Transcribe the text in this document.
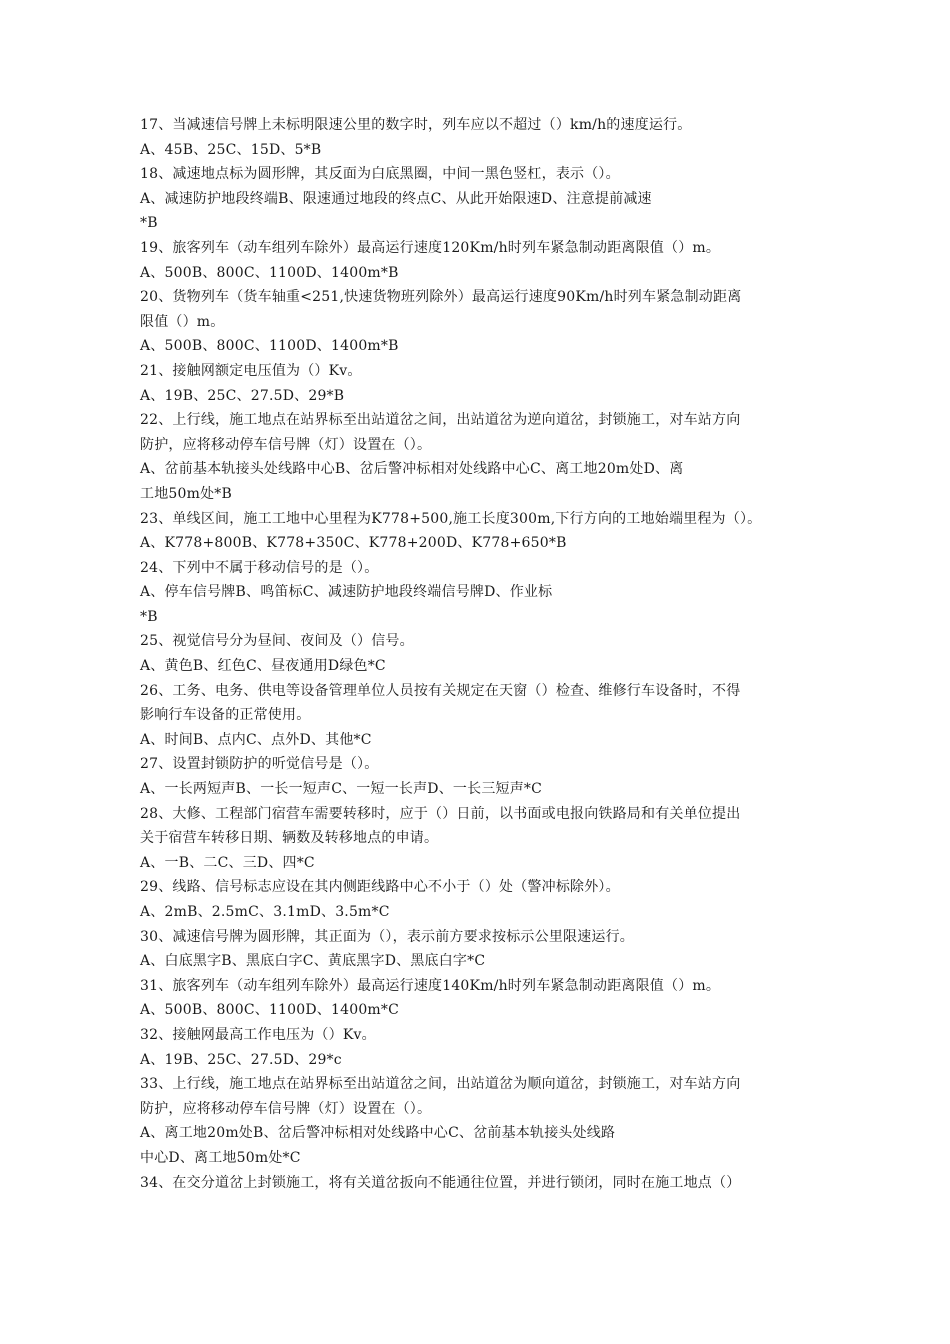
17、当减速信号牌上未标明限速公里的数字时，列车应以不超过（）km/h的速度运行。
A、45B、25C、15D、5*B
18、减速地点标为圆形牌，其反面为白底黑圈，中间一黑色竖杠，表示（）。
A、减速防护地段终端B、限速通过地段的终点C、从此开始限速D、注意提前减速
*B
19、旅客列车（动车组列车除外）最高运行速度120Km/h时列车紧急制动距离限值（）m。
A、500B、800C、1100D、1400m*B
20、货物列车（货车轴重<251,快速货物班列除外）最高运行速度90Km/h时列车紧急制动距离
限值（）m。
A、500B、800C、1100D、1400m*B
21、接触网额定电压值为（）Kv。
A、19B、25C、27.5D、29*B
22、上行线，施工地点在站界标至出站道岔之间，出站道岔为逆向道岔，封锁施工，对车站方向
防护，应将移动停车信号牌（灯）设置在（）。
A、岔前基本轨接头处线路中心B、岔后警冲标相对处线路中心C、离工地20m处D、离
工地50m处*B
23、单线区间，施工工地中心里程为K778+500,施工长度300m,下行方向的工地始端里程为（）。
A、K778+800B、K778+350C、K778+200D、K778+650*B
24、下列中不属于移动信号的是（）。
A、停车信号牌B、鸣笛标C、减速防护地段终端信号牌D、作业标
*B
25、视觉信号分为昼间、夜间及（）信号。
A、黄色B、红色C、昼夜通用D绿色*C
26、工务、电务、供电等设备管理单位人员按有关规定在天窗（）检查、维修行车设备时，不得
影响行车设备的正常使用。
A、时间B、点内C、点外D、其他*C
27、设置封锁防护的听觉信号是（）。
A、一长两短声B、一长一短声C、一短一长声D、一长三短声*C
28、大修、工程部门宿营车需要转移时，应于（）日前，以书面或电报向铁路局和有关单位提出
关于宿营车转移日期、辆数及转移地点的申请。
A、一B、二C、三D、四*C
29、线路、信号标志应设在其内侧距线路中心不小于（）处（警冲标除外）。
A、2mB、2.5mC、3.1mD、3.5m*C
30、减速信号牌为圆形牌，其正面为（），表示前方要求按标示公里限速运行。
A、白底黑字B、黑底白字C、黄底黑字D、黑底白字*C
31、旅客列车（动车组列车除外）最高运行速度140Km/h时列车紧急制动距离限值（）m。
A、500B、800C、1100D、1400m*C
32、接触网最高工作电压为（）Kv。
A、19B、25C、27.5D、29*c
33、上行线，施工地点在站界标至出站道岔之间，出站道岔为顺向道岔，封锁施工，对车站方向
防护，应将移动停车信号牌（灯）设置在（）。
A、离工地20m处B、岔后警冲标相对处线路中心C、岔前基本轨接头处线路
中心D、离工地50m处*C
34、在交分道岔上封锁施工，将有关道岔扳向不能通往位置，并进行锁闭，同时在施工地点（）
